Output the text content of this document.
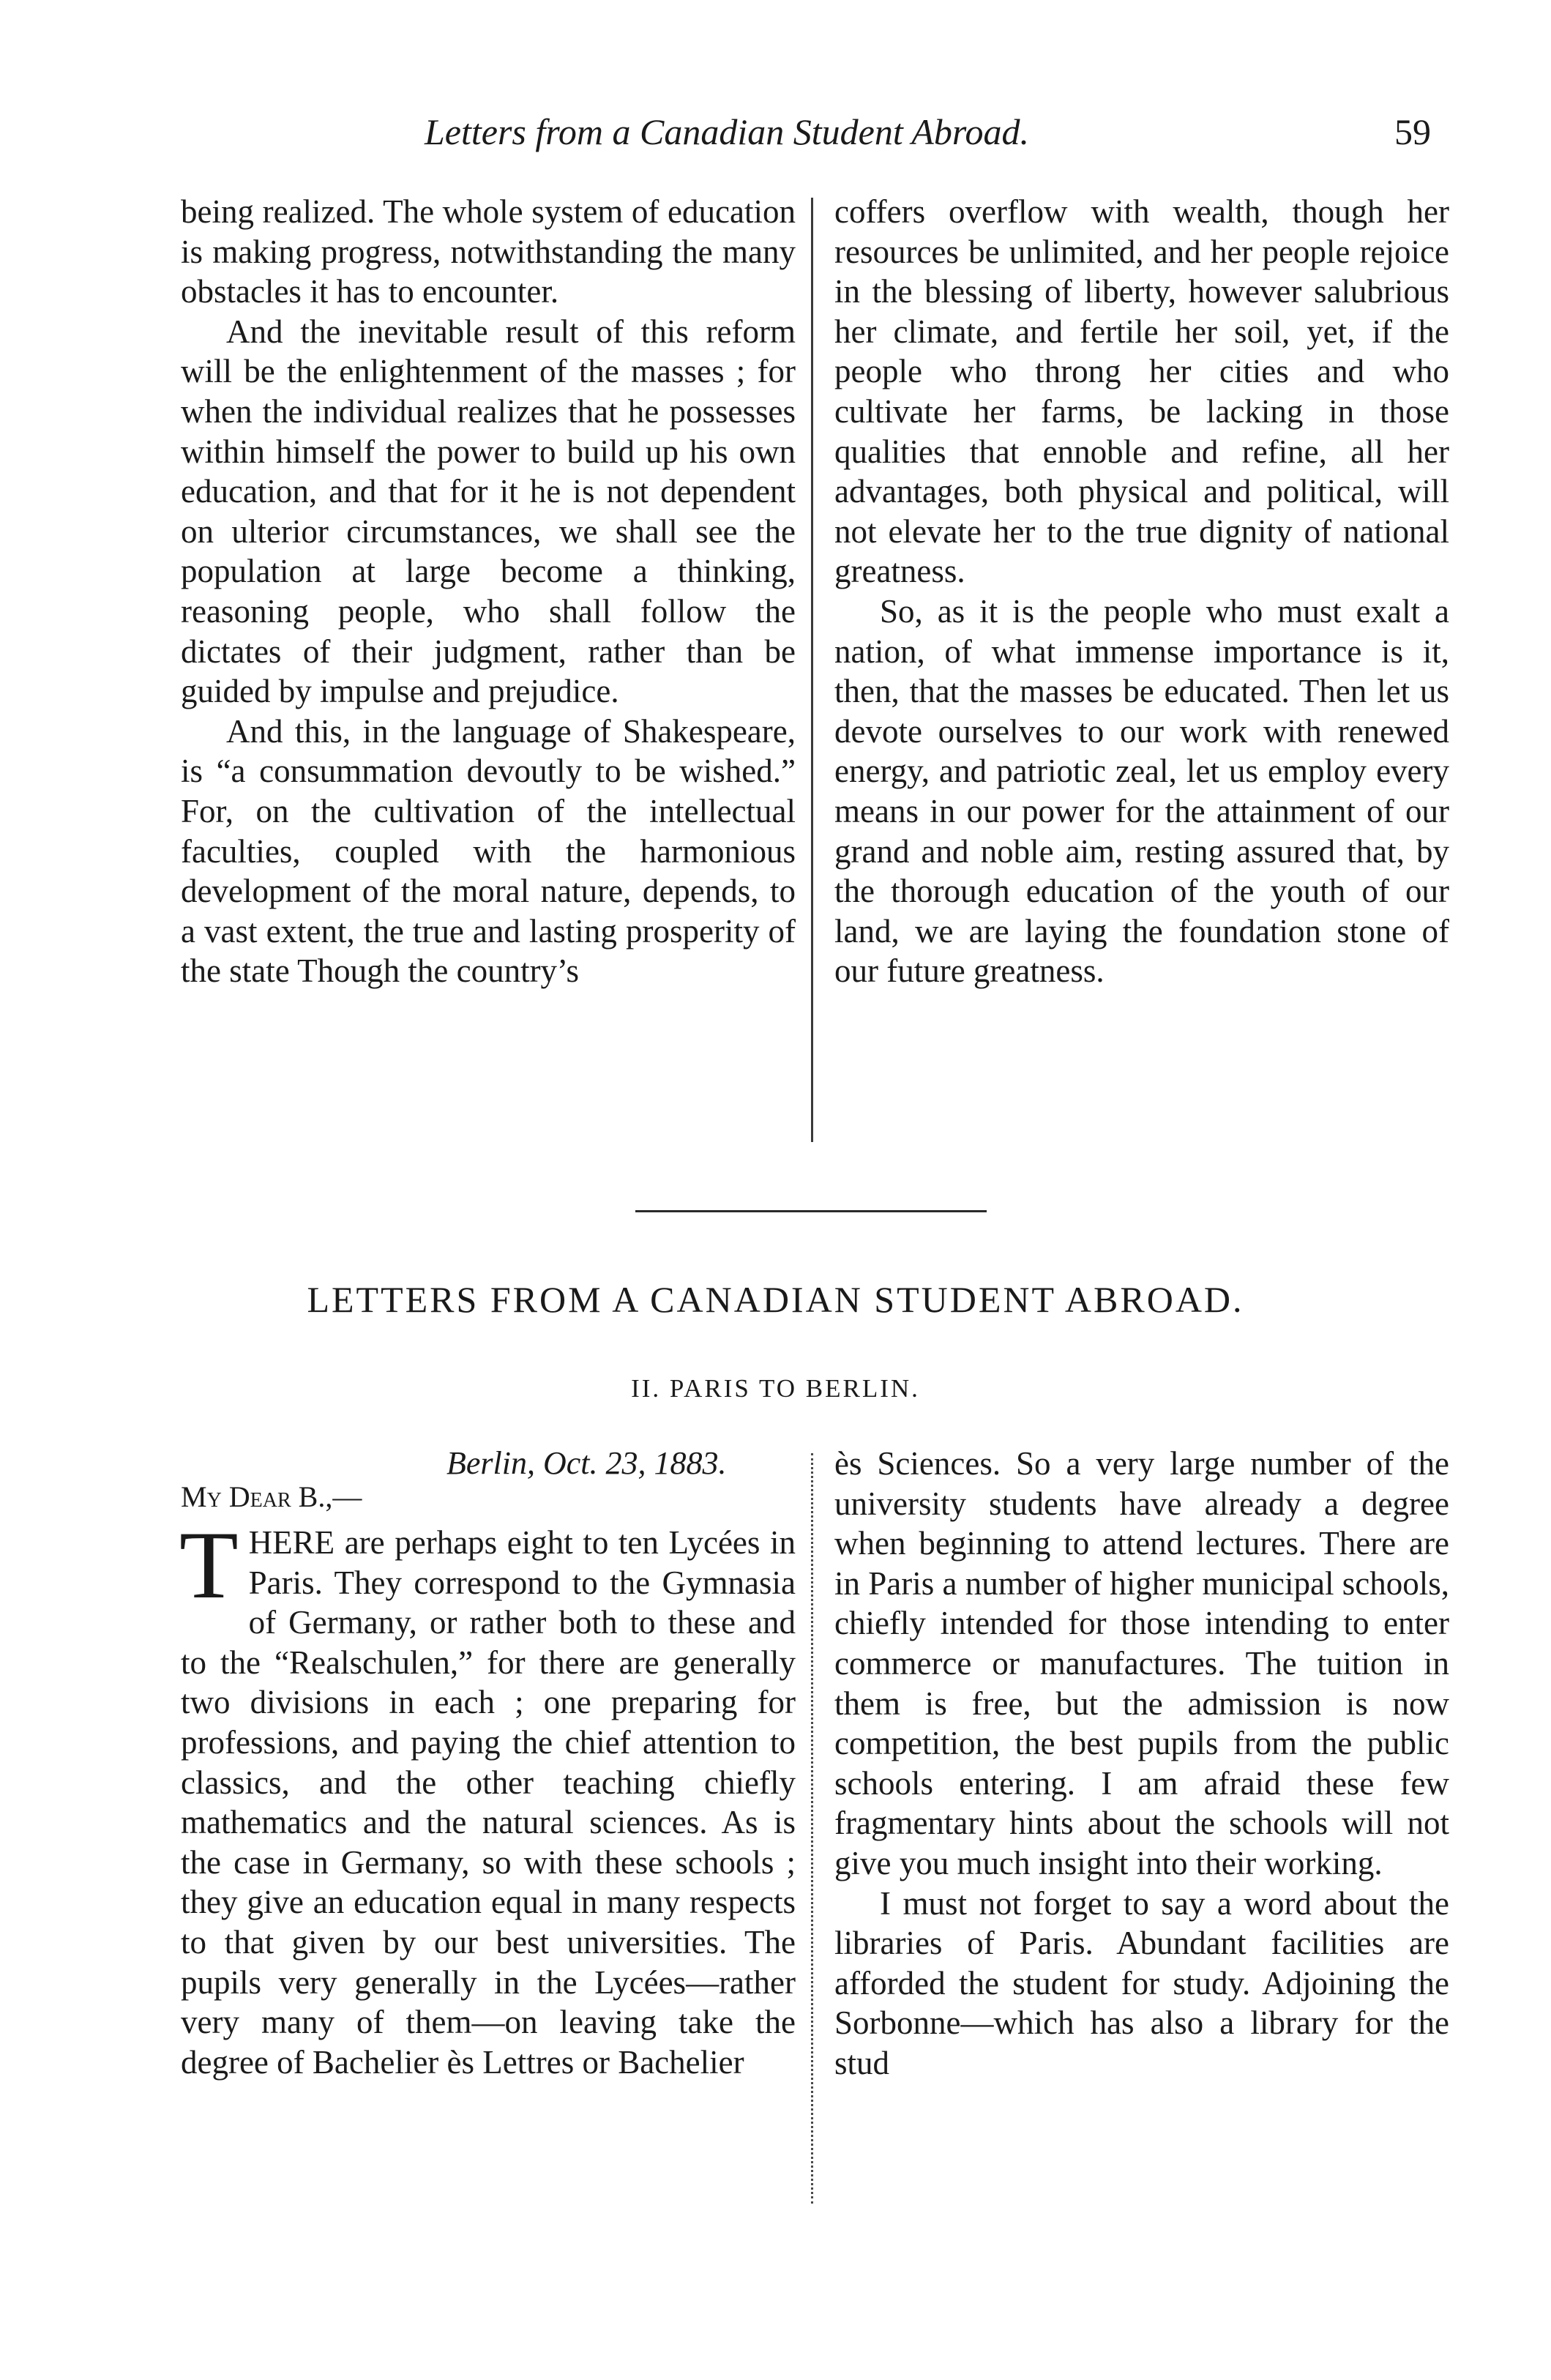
Letters from a Canadian Student Abroad.	59

being realized. The whole system of education is making progress, notwithstanding the many obstacles it has to encounter.

And the inevitable result of this reform will be the enlightenment of the masses ; for when the individual realizes that he possesses within himself the power to build up his own education, and that for it he is not dependent on ulterior circumstances, we shall see the population at large become a thinking, reasoning people, who shall follow the dictates of their judgment, rather than be guided by impulse and prejudice.

And this, in the language of Shakespeare, is “a consummation devoutly to be wished.” For, on the cultivation of the intellectual faculties, coupled with the harmonious development of the moral nature, depends, to a vast extent, the true and lasting prosperity of the state Though the country’s

coffers overflow with wealth, though her resources be unlimited, and her people rejoice in the blessing of liberty, however salubrious her climate, and fertile her soil, yet, if the people who throng her cities and who cultivate her farms, be lacking in those qualities that ennoble and refine, all her advantages, both physical and political, will not elevate her to the true dignity of national greatness.

So, as it is the people who must exalt a nation, of what immense importance is it, then, that the masses be educated. Then let us devote ourselves to our work with renewed energy, and patriotic zeal, let us employ every means in our power for the attainment of our grand and noble aim, resting assured that, by the thorough education of the youth of our land, we are laying the foundation stone of our future greatness.

LETTERS FROM A CANADIAN STUDENT ABROAD.
II. PARIS TO BERLIN.
Berlin, Oct. 23, 1883.
My Dear B.,—

THERE are perhaps eight to ten Lycées in Paris. They correspond to the Gymnasia of Germany, or rather both to these and to the “Realschulen,” for there are generally two divisions in each ; one preparing for professions, and paying the chief attention to classics, and the other teaching chiefly mathematics and the natural sciences. As is the case in Germany, so with these schools ; they give an education equal in many respects to that given by our best universities. The pupils very generally in the Lycées—rather very many of them—on leaving take the degree of Bachelier ès Lettres or Bachelier

ès Sciences. So a very large number of the university students have already a degree when beginning to attend lectures. There are in Paris a number of higher municipal schools, chiefly intended for those intending to enter commerce or manufactures. The tuition in them is free, but the admission is now competition, the best pupils from the public schools entering. I am afraid these few fragmentary hints about the schools will not give you much insight into their working.

I must not forget to say a word about the libraries of Paris. Abundant facilities are afforded the student for study. Adjoining the Sorbonne—which has also a library for the stud
